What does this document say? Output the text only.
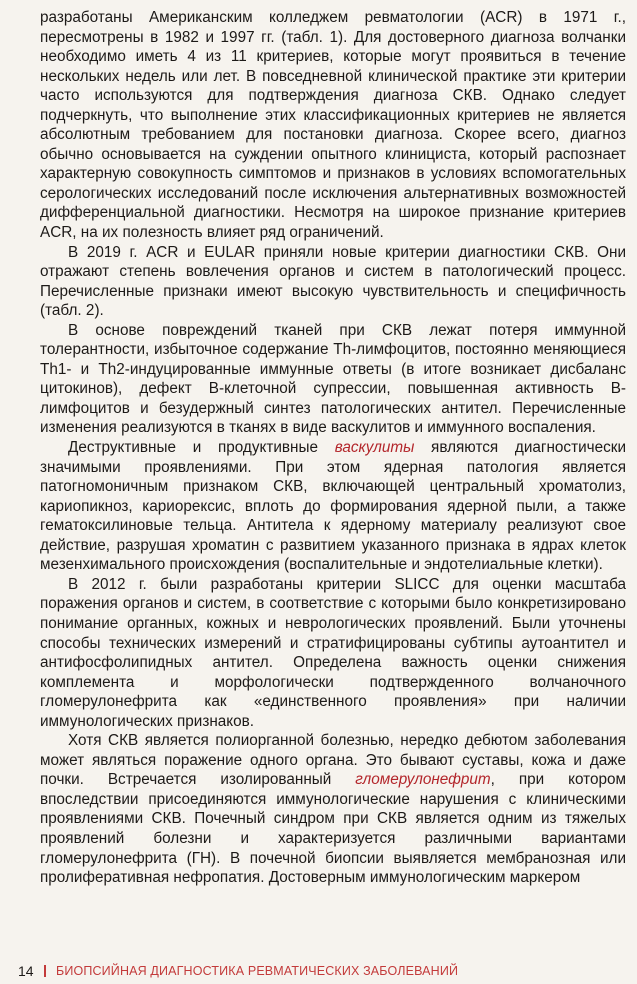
разработаны Американским колледжем ревматологии (ACR) в 1971 г., пересмотрены в 1982 и 1997 гг. (табл. 1). Для достоверного диагноза волчанки необходимо иметь 4 из 11 критериев, которые могут проявиться в течение нескольких недель или лет. В повседневной клинической практике эти критерии часто используются для подтверждения диагноза СКВ. Однако следует подчеркнуть, что выполнение этих классификационных критериев не является абсолютным требованием для постановки диагноза. Скорее всего, диагноз обычно основывается на суждении опытного клинициста, который распознает характерную совокупность симптомов и признаков в условиях вспомогательных серологических исследований после исключения альтернативных возможностей дифференциальной диагностики. Несмотря на широкое признание критериев ACR, на их полезность влияет ряд ограничений.

В 2019 г. ACR и EULAR приняли новые критерии диагностики СКВ. Они отражают степень вовлечения органов и систем в патологический процесс. Перечисленные признаки имеют высокую чувствительность и специфичность (табл. 2).

В основе повреждений тканей при СКВ лежат потеря иммунной толерантности, избыточное содержание Th-лимфоцитов, постоянно меняющиеся Th1- и Th2-индуцированные иммунные ответы (в итоге возникает дисбаланс цитокинов), дефект В-клеточной супрессии, повышенная активность В-лимфоцитов и безудержный синтез патологических антител. Перечисленные изменения реализуются в тканях в виде васкулитов и иммунного воспаления.

Деструктивные и продуктивные васкулиты являются диагностически значимыми проявлениями. При этом ядерная патология является патогномоничным признаком СКВ, включающей центральный хроматолиз, кариопикноз, кариорексис, вплоть до формирования ядерной пыли, а также гематоксилиновые тельца. Антитела к ядерному материалу реализуют свое действие, разрушая хроматин с развитием указанного признака в ядрах клеток мезенхимального происхождения (воспалительные и эндотелиальные клетки).

В 2012 г. были разработаны критерии SLICC для оценки масштаба поражения органов и систем, в соответствие с которыми было конкретизировано понимание органных, кожных и неврологических проявлений. Были уточнены способы технических измерений и стратифицированы субтипы аутоантител и антифосфолипидных антител. Определена важность оценки снижения комплемента и морфологически подтвержденного волчаночного гломерулонефрита как «единственного проявления» при наличии иммунологических признаков.

Хотя СКВ является полиорганной болезнью, нередко дебютом заболевания может являться поражение одного органа. Это бывают суставы, кожа и даже почки. Встречается изолированный гломерулонефрит, при котором впоследствии присоединяются иммунологические нарушения с клиническими проявлениями СКВ. Почечный синдром при СКВ является одним из тяжелых проявлений болезни и характеризуется различными вариантами гломерулонефрита (ГН). В почечной биопсии выявляется мембранозная или пролиферативная нефропатия. Достоверным иммунологическим маркером

14 БИОПСИЙНАЯ ДИАГНОСТИКА РЕВМАТИЧЕСКИХ ЗАБОЛЕВАНИЙ
